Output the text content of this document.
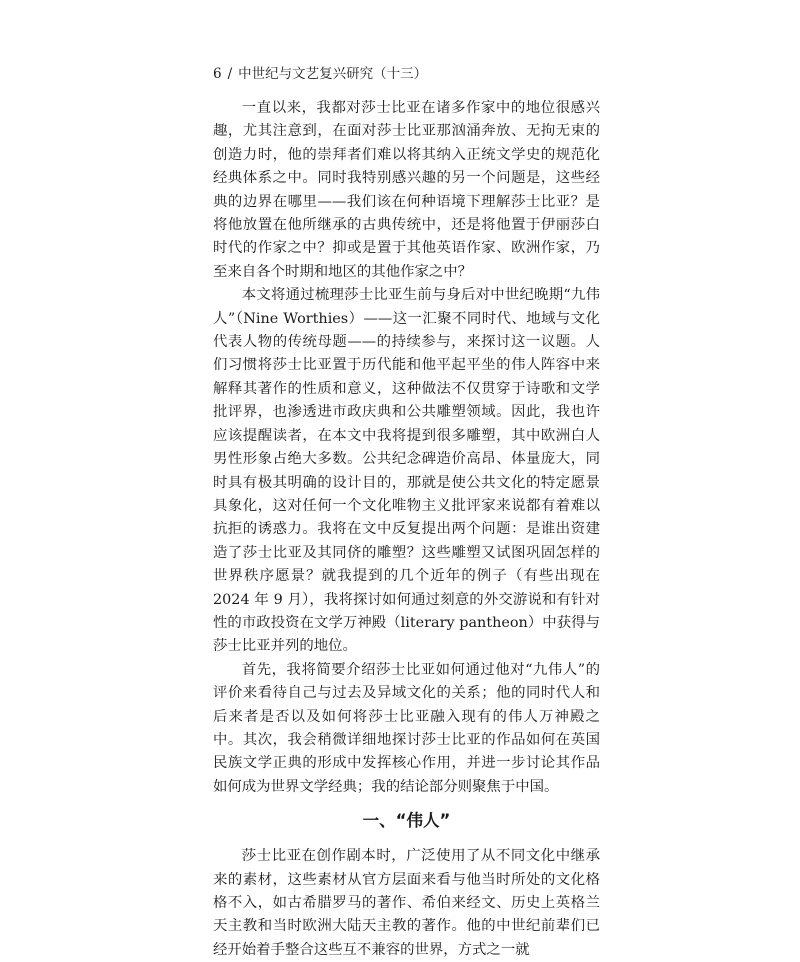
6 / 中世纪与文艺复兴研究（十三）

一直以来，我都对莎士比亚在诸多作家中的地位很感兴趣，尤其注意到，在面对莎士比亚那汹涌奔放、无拘无束的创造力时，他的崇拜者们难以将其纳入正统文学史的规范化经典体系之中。同时我特别感兴趣的另一个问题是，这些经典的边界在哪里——我们该在何种语境下理解莎士比亚？是将他放置在他所继承的古典传统中，还是将他置于伊丽莎白时代的作家之中？抑或是置于其他英语作家、欧洲作家，乃至来自各个时期和地区的其他作家之中？

本文将通过梳理莎士比亚生前与身后对中世纪晚期“九伟人”（Nine Worthies）——这一汇聚不同时代、地域与文化代表人物的传统母题——的持续参与，来探讨这一议题。人们习惯将莎士比亚置于历代能和他平起平坐的伟人阵容中来解释其著作的性质和意义，这种做法不仅贯穿于诗歌和文学批评界，也渗透进市政庆典和公共雕塑领域。因此，我也许应该提醒读者，在本文中我将提到很多雕塑，其中欧洲白人男性形象占绝大多数。公共纪念碑造价高昂、体量庞大，同时具有极其明确的设计目的，那就是使公共文化的特定愿景具象化，这对任何一个文化唯物主义批评家来说都有着难以抗拒的诱惑力。我将在文中反复提出两个问题：是谁出资建造了莎士比亚及其同侪的雕塑？这些雕塑又试图巩固怎样的世界秩序愿景？就我提到的几个近年的例子（有些出现在 2024 年 9 月），我将探讨如何通过刻意的外交游说和有针对性的市政投资在文学万神殿（literary pantheon）中获得与莎士比亚并列的地位。

首先，我将简要介绍莎士比亚如何通过他对“九伟人”的评价来看待自己与过去及异域文化的关系；他的同时代人和后来者是否以及如何将莎士比亚融入现有的伟人万神殿之中。其次，我会稍微详细地探讨莎士比亚的作品如何在英国民族文学正典的形成中发挥核心作用，并进一步讨论其作品如何成为世界文学经典；我的结论部分则聚焦于中国。

一、“伟人”

莎士比亚在创作剧本时，广泛使用了从不同文化中继承来的素材，这些素材从官方层面来看与他当时所处的文化格格不入，如古希腊罗马的著作、希伯来经文、历史上英格兰天主教和当时欧洲大陆天主教的著作。他的中世纪前辈们已经开始着手整合这些互不兼容的世界，方式之一就
